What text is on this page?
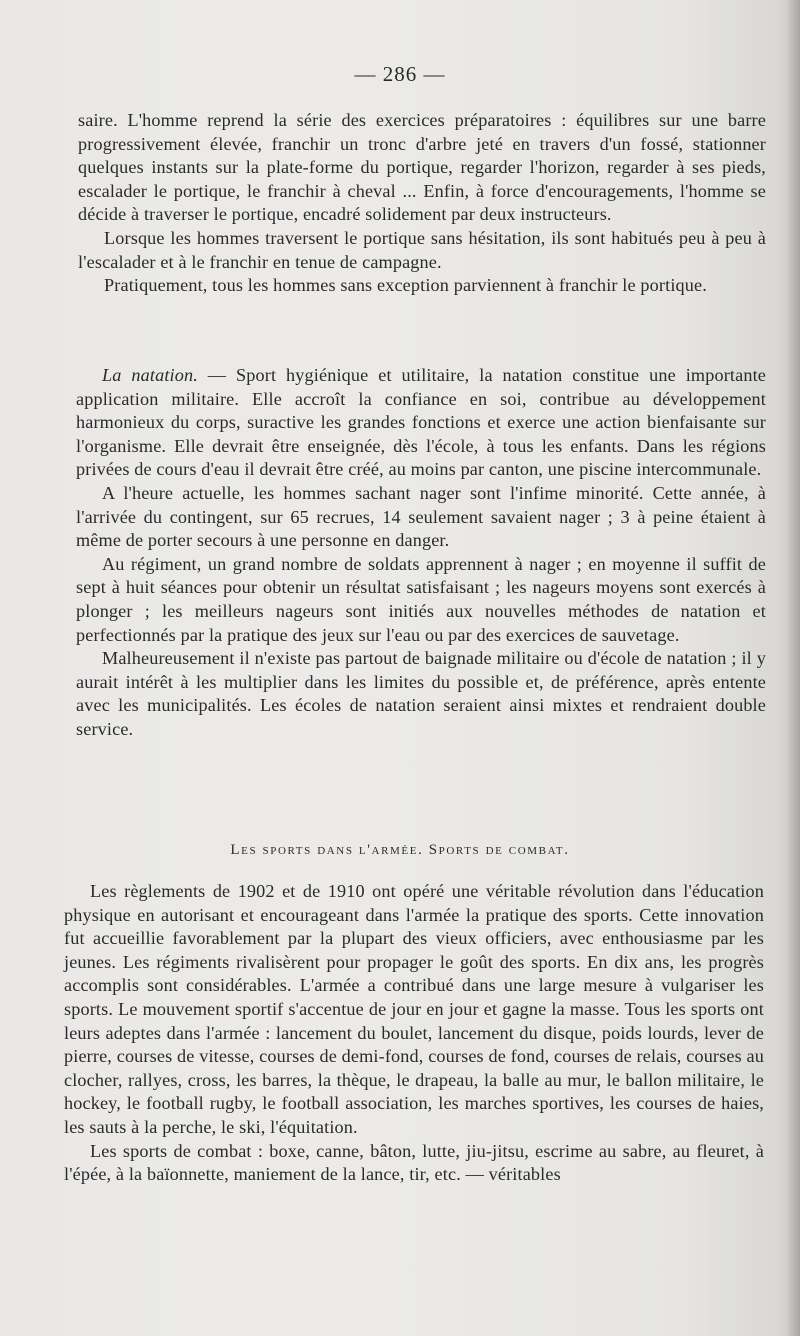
— 286 —

saire. L'homme reprend la série des exercices préparatoires : équilibres sur une barre progressivement élevée, franchir un tronc d'arbre jeté en travers d'un fossé, stationner quelques instants sur la plate-forme du portique, regarder l'horizon, regarder à ses pieds, escalader le portique, le franchir à cheval ... Enfin, à force d'encouragements, l'homme se décide à traverser le portique, encadré solidement par deux instructeurs.

Lorsque les hommes traversent le portique sans hésitation, ils sont habitués peu à peu à l'escalader et à le franchir en tenue de campagne.

Pratiquement, tous les hommes sans exception parviennent à franchir le portique.

La natation. — Sport hygiénique et utilitaire, la natation constitue une importante application militaire. Elle accroît la confiance en soi, contribue au développement harmonieux du corps, suractive les grandes fonctions et exerce une action bienfaisante sur l'organisme. Elle devrait être enseignée, dès l'école, à tous les enfants. Dans les régions privées de cours d'eau il devrait être créé, au moins par canton, une piscine intercommunale.

A l'heure actuelle, les hommes sachant nager sont l'infime minorité. Cette année, à l'arrivée du contingent, sur 65 recrues, 14 seulement savaient nager ; 3 à peine étaient à même de porter secours à une personne en danger.

Au régiment, un grand nombre de soldats apprennent à nager ; en moyenne il suffit de sept à huit séances pour obtenir un résultat satisfaisant ; les nageurs moyens sont exercés à plonger ; les meilleurs nageurs sont initiés aux nouvelles méthodes de natation et perfectionnés par la pratique des jeux sur l'eau ou par des exercices de sauvetage.

Malheureusement il n'existe pas partout de baignade militaire ou d'école de natation ; il y aurait intérêt à les multiplier dans les limites du possible et, de préférence, après entente avec les municipalités. Les écoles de natation seraient ainsi mixtes et rendraient double service.

Les sports dans l'armée. Sports de combat.

Les règlements de 1902 et de 1910 ont opéré une véritable révolution dans l'éducation physique en autorisant et encourageant dans l'armée la pratique des sports. Cette innovation fut accueillie favorablement par la plupart des vieux officiers, avec enthousiasme par les jeunes. Les régiments rivalisèrent pour propager le goût des sports. En dix ans, les progrès accomplis sont considérables. L'armée a contribué dans une large mesure à vulgariser les sports. Le mouvement sportif s'accentue de jour en jour et gagne la masse. Tous les sports ont leurs adeptes dans l'armée : lancement du boulet, lancement du disque, poids lourds, lever de pierre, courses de vitesse, courses de demi-fond, courses de fond, courses de relais, courses au clocher, rallyes, cross, les barres, la thèque, le drapeau, la balle au mur, le ballon militaire, le hockey, le football rugby, le football association, les marches sportives, les courses de haies, les sauts à la perche, le ski, l'équitation.

Les sports de combat : boxe, canne, bâton, lutte, jiu-jitsu, escrime au sabre, au fleuret, à l'épée, à la baïonnette, maniement de la lance, tir, etc. — véritables
